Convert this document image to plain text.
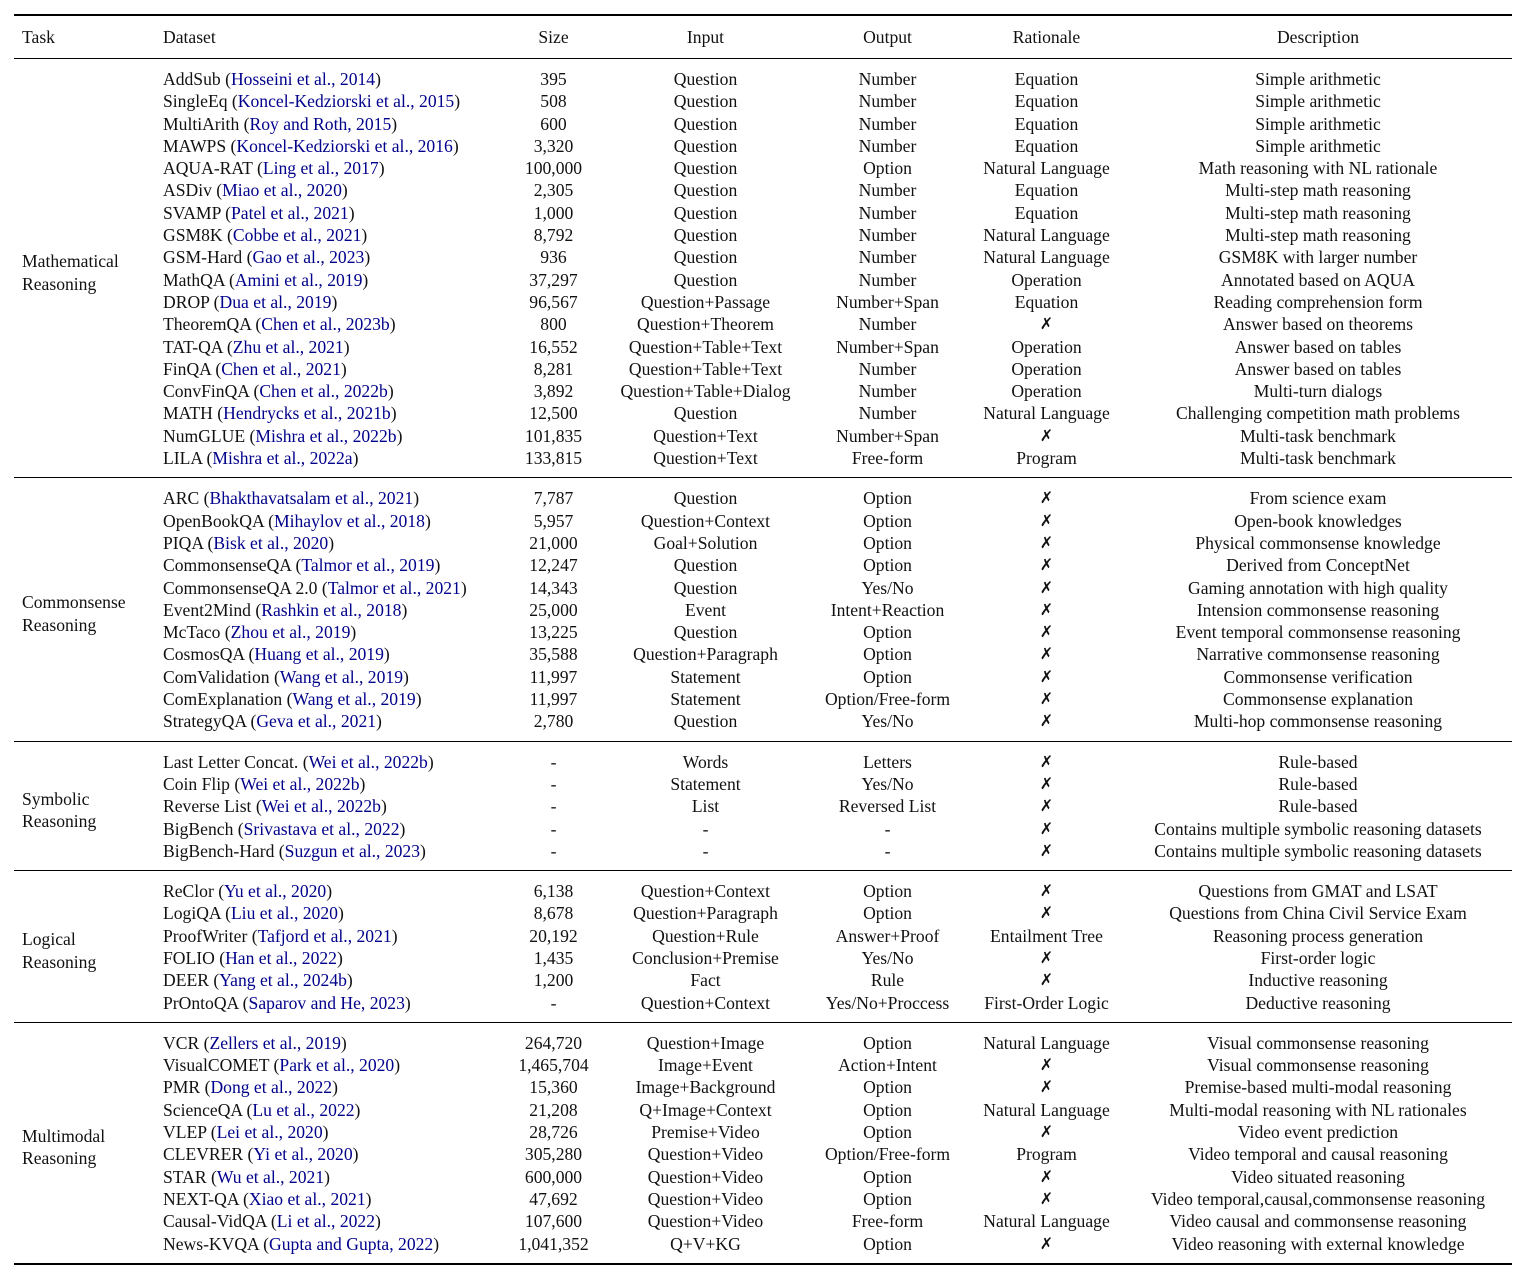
Task	Dataset	Size	Input	Output	Rationale	Description
Mathematical
Reasoning	AddSub (Hosseini et al., 2014)	395	Question	Number	Equation	Simple arithmetic
	SingleEq (Koncel-Kedziorski et al., 2015)	508	Question	Number	Equation	Simple arithmetic
	MultiArith (Roy and Roth, 2015)	600	Question	Number	Equation	Simple arithmetic
	MAWPS (Koncel-Kedziorski et al., 2016)	3,320	Question	Number	Equation	Simple arithmetic
	AQUA-RAT (Ling et al., 2017)	100,000	Question	Option	Natural Language	Math reasoning with NL rationale
	ASDiv (Miao et al., 2020)	2,305	Question	Number	Equation	Multi-step math reasoning
	SVAMP (Patel et al., 2021)	1,000	Question	Number	Equation	Multi-step math reasoning
	GSM8K (Cobbe et al., 2021)	8,792	Question	Number	Natural Language	Multi-step math reasoning
	GSM-Hard (Gao et al., 2023)	936	Question	Number	Natural Language	GSM8K with larger number
	MathQA (Amini et al., 2019)	37,297	Question	Number	Operation	Annotated based on AQUA
	DROP (Dua et al., 2019)	96,567	Question+Passage	Number+Span	Equation	Reading comprehension form
	TheoremQA (Chen et al., 2023b)	800	Question+Theorem	Number	✗	Answer based on theorems
	TAT-QA (Zhu et al., 2021)	16,552	Question+Table+Text	Number+Span	Operation	Answer based on tables
	FinQA (Chen et al., 2021)	8,281	Question+Table+Text	Number	Operation	Answer based on tables
	ConvFinQA (Chen et al., 2022b)	3,892	Question+Table+Dialog	Number	Operation	Multi-turn dialogs
	MATH (Hendrycks et al., 2021b)	12,500	Question	Number	Natural Language	Challenging competition math problems
	NumGLUE (Mishra et al., 2022b)	101,835	Question+Text	Number+Span	✗	Multi-task benchmark
	LILA (Mishra et al., 2022a)	133,815	Question+Text	Free-form	Program	Multi-task benchmark
Commonsense
Reasoning	ARC (Bhakthavatsalam et al., 2021)	7,787	Question	Option	✗	From science exam
	OpenBookQA (Mihaylov et al., 2018)	5,957	Question+Context	Option	✗	Open-book knowledges
	PIQA (Bisk et al., 2020)	21,000	Goal+Solution	Option	✗	Physical commonsense knowledge
	CommonsenseQA (Talmor et al., 2019)	12,247	Question	Option	✗	Derived from ConceptNet
	CommonsenseQA 2.0 (Talmor et al., 2021)	14,343	Question	Yes/No	✗	Gaming annotation with high quality
	Event2Mind (Rashkin et al., 2018)	25,000	Event	Intent+Reaction	✗	Intension commonsense reasoning
	McTaco (Zhou et al., 2019)	13,225	Question	Option	✗	Event temporal commonsense reasoning
	CosmosQA (Huang et al., 2019)	35,588	Question+Paragraph	Option	✗	Narrative commonsense reasoning
	ComValidation (Wang et al., 2019)	11,997	Statement	Option	✗	Commonsense verification
	ComExplanation (Wang et al., 2019)	11,997	Statement	Option/Free-form	✗	Commonsense explanation
	StrategyQA (Geva et al., 2021)	2,780	Question	Yes/No	✗	Multi-hop commonsense reasoning
Symbolic
Reasoning	Last Letter Concat. (Wei et al., 2022b)	-	Words	Letters	✗	Rule-based
	Coin Flip (Wei et al., 2022b)	-	Statement	Yes/No	✗	Rule-based
	Reverse List (Wei et al., 2022b)	-	List	Reversed List	✗	Rule-based
	BigBench (Srivastava et al., 2022)	-	-	-	✗	Contains multiple symbolic reasoning datasets
	BigBench-Hard (Suzgun et al., 2023)	-	-	-	✗	Contains multiple symbolic reasoning datasets
Logical
Reasoning	ReClor (Yu et al., 2020)	6,138	Question+Context	Option	✗	Questions from GMAT and LSAT
	LogiQA (Liu et al., 2020)	8,678	Question+Paragraph	Option	✗	Questions from China Civil Service Exam
	ProofWriter (Tafjord et al., 2021)	20,192	Question+Rule	Answer+Proof	Entailment Tree	Reasoning process generation
	FOLIO (Han et al., 2022)	1,435	Conclusion+Premise	Yes/No	✗	First-order logic
	DEER (Yang et al., 2024b)	1,200	Fact	Rule	✗	Inductive reasoning
	PrOntoQA (Saparov and He, 2023)	-	Question+Context	Yes/No+Proccess	First-Order Logic	Deductive reasoning
Multimodal
Reasoning	VCR (Zellers et al., 2019)	264,720	Question+Image	Option	Natural Language	Visual commonsense reasoning
	VisualCOMET (Park et al., 2020)	1,465,704	Image+Event	Action+Intent	✗	Visual commonsense reasoning
	PMR (Dong et al., 2022)	15,360	Image+Background	Option	✗	Premise-based multi-modal reasoning
	ScienceQA (Lu et al., 2022)	21,208	Q+Image+Context	Option	Natural Language	Multi-modal reasoning with NL rationales
	VLEP (Lei et al., 2020)	28,726	Premise+Video	Option	✗	Video event prediction
	CLEVRER (Yi et al., 2020)	305,280	Question+Video	Option/Free-form	Program	Video temporal and causal reasoning
	STAR (Wu et al., 2021)	600,000	Question+Video	Option	✗	Video situated reasoning
	NEXT-QA (Xiao et al., 2021)	47,692	Question+Video	Option	✗	Video temporal,causal,commonsense reasoning
	Causal-VidQA (Li et al., 2022)	107,600	Question+Video	Free-form	Natural Language	Video causal and commonsense reasoning
	News-KVQA (Gupta and Gupta, 2022)	1,041,352	Q+V+KG	Option	✗	Video reasoning with external knowledge
